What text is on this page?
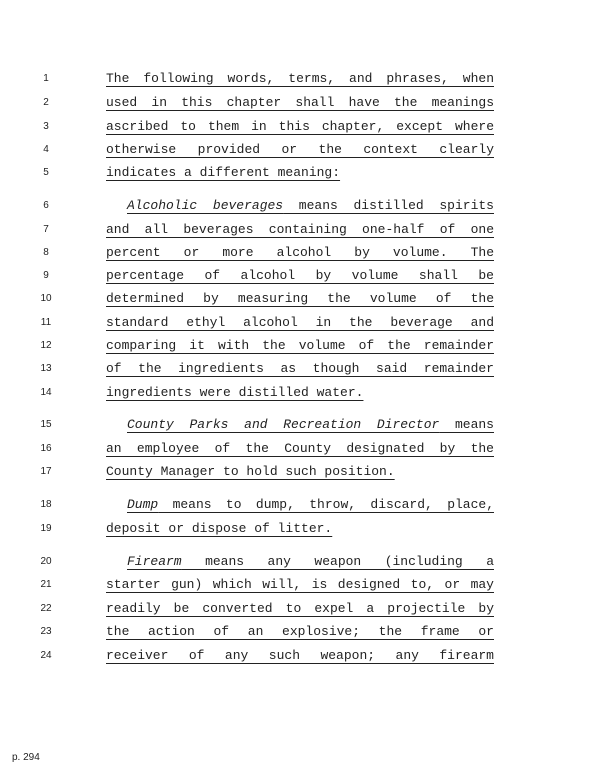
1	The following words, terms, and phrases, when
2	used in this chapter shall have the meanings
3	ascribed to them in this chapter, except where
4	otherwise provided or the context clearly
5	indicates a different meaning:
6	Alcoholic beverages means distilled spirits
7	and all beverages containing one-half of one
8	percent or more alcohol by volume. The
9	percentage of alcohol by volume shall be
10	determined by measuring the volume of the
11	standard ethyl alcohol in the beverage and
12	comparing it with the volume of the remainder
13	of the ingredients as though said remainder
14	ingredients were distilled water.
15	County Parks and Recreation Director means
16	an employee of the County designated by the
17	County Manager to hold such position.
18	Dump means to dump, throw, discard, place,
19	deposit or dispose of litter.
20	Firearm means any weapon (including a
21	starter gun) which will, is designed to, or may
22	readily be converted to expel a projectile by
23	the action of an explosive; the frame or
24	receiver of any such weapon; any firearm
p. 294
